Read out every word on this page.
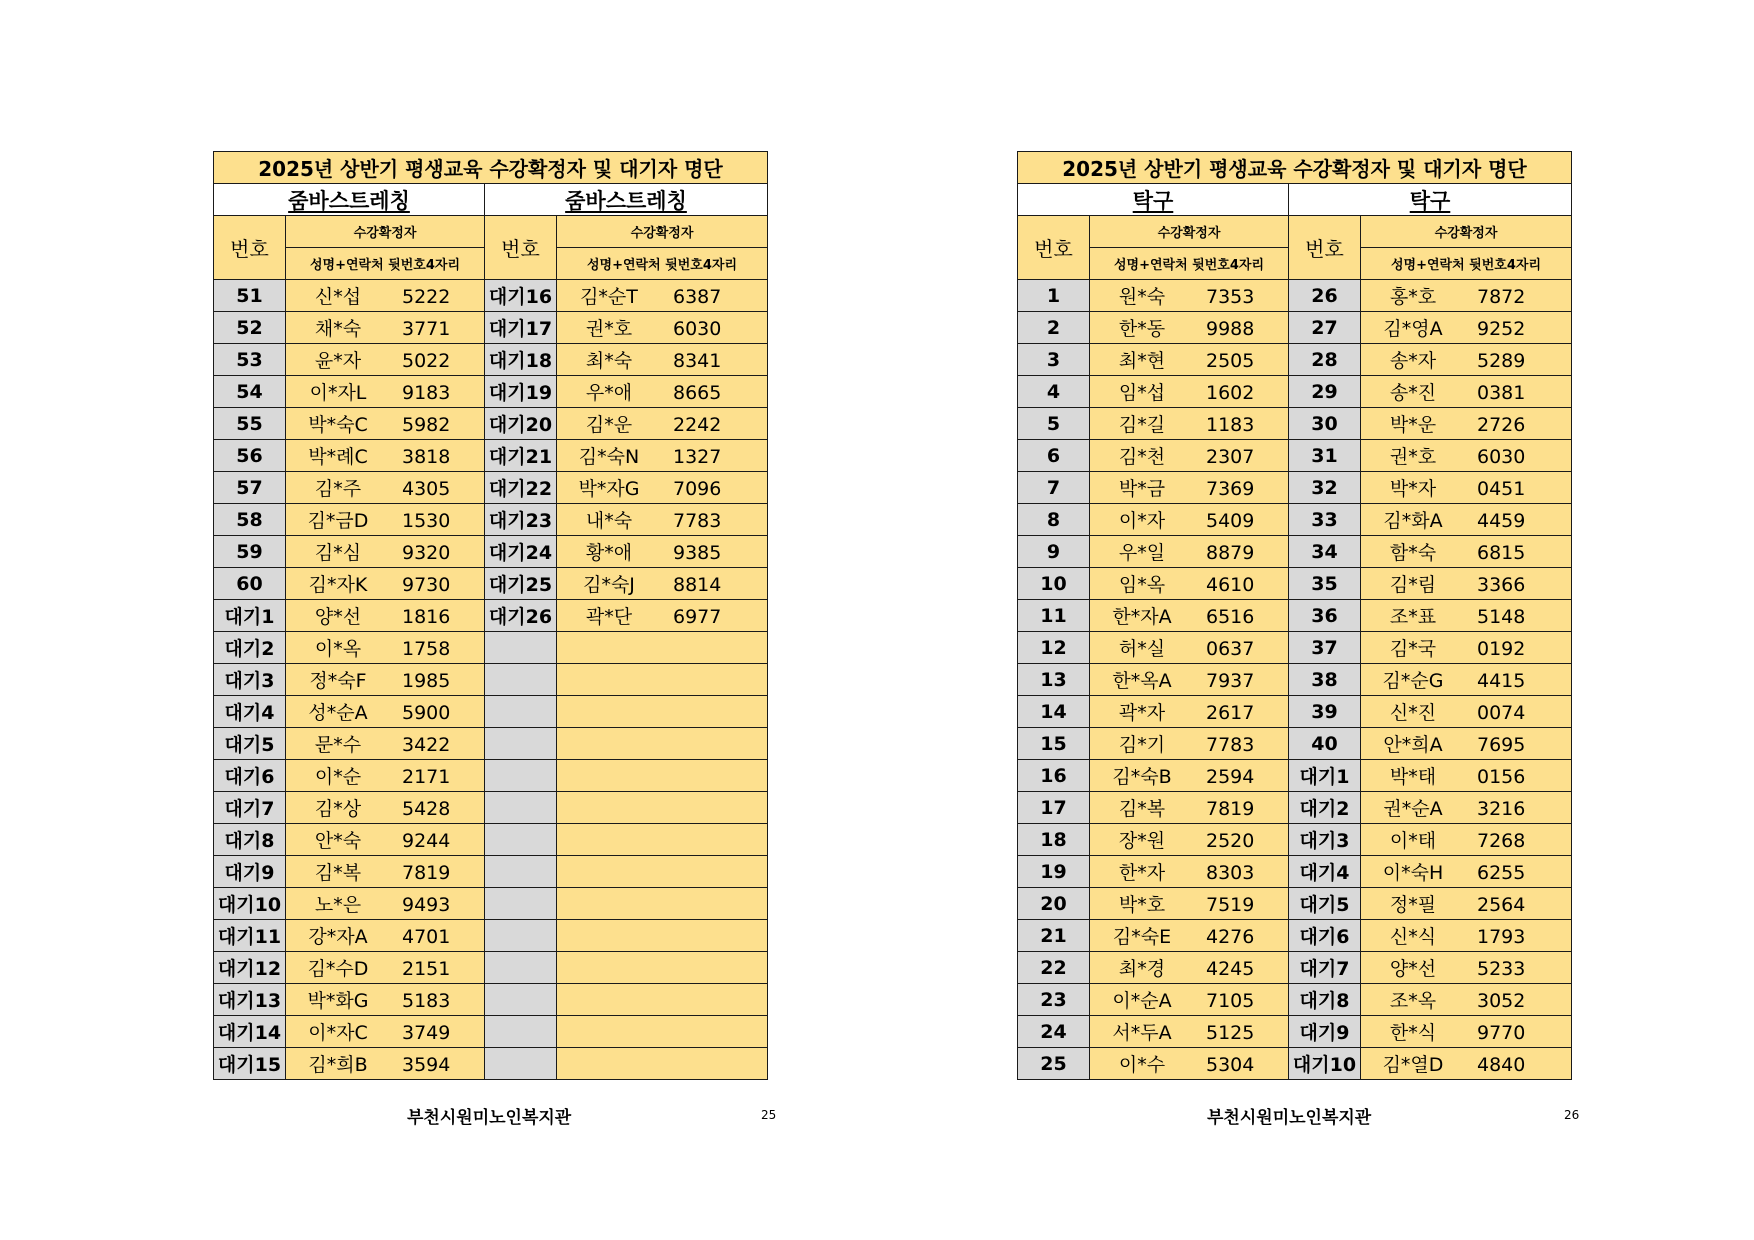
2025년 상반기 평생교육 수강확정자 및 대기자 명단			
줌바스트레칭		줌바스트레칭	
번호	수강확정자	번호	수강확정자
	성명+연락처 뒷번호4자리		성명+연락처 뒷번호4자리
51	신*섭 5222	대기16	김*순T 6387
52	채*숙 3771	대기17	권*호 6030
53	윤*자 5022	대기18	최*숙 8341
54	이*자L 9183	대기19	우*애 8665
55	박*숙C 5982	대기20	김*운 2242
56	박*례C 3818	대기21	김*숙N 1327
57	김*주 4305	대기22	박*자G 7096
58	김*금D 1530	대기23	내*숙 7783
59	김*심 9320	대기24	황*애 9385
60	김*자K 9730	대기25	김*숙J 8814
대기1	양*선 1816	대기26	곽*단 6977
대기2	이*옥 1758		
대기3	정*숙F 1985		
대기4	성*순A 5900		
대기5	문*수 3422		
대기6	이*순 2171		
대기7	김*상 5428		
대기8	안*숙 9244		
대기9	김*복 7819		
대기10	노*은 9493		
대기11	강*자A 4701		
대기12	김*수D 2151		
대기13	박*화G 5183		
대기14	이*자C 3749		
대기15	김*희B 3594		
부천시원미노인복지관	25
2025년 상반기 평생교육 수강확정자 및 대기자 명단			
탁구		탁구	
번호	수강확정자	번호	수강확정자
	성명+연락처 뒷번호4자리		성명+연락처 뒷번호4자리
1	원*숙 7353	26	홍*호 7872
2	한*동 9988	27	김*영A 9252
3	최*현 2505	28	송*자 5289
4	임*섭 1602	29	송*진 0381
5	김*길 1183	30	박*운 2726
6	김*천 2307	31	권*호 6030
7	박*금 7369	32	박*자 0451
8	이*자 5409	33	김*화A 4459
9	우*일 8879	34	함*숙 6815
10	임*옥 4610	35	김*림 3366
11	한*자A 6516	36	조*표 5148
12	허*실 0637	37	김*국 0192
13	한*옥A 7937	38	김*순G 4415
14	곽*자 2617	39	신*진 0074
15	김*기 7783	40	안*희A 7695
16	김*숙B 2594	대기1	박*태 0156
17	김*복 7819	대기2	권*순A 3216
18	장*원 2520	대기3	이*태 7268
19	한*자 8303	대기4	이*숙H 6255
20	박*호 7519	대기5	정*필 2564
21	김*숙E 4276	대기6	신*식 1793
22	최*경 4245	대기7	양*선 5233
23	이*순A 7105	대기8	조*옥 3052
24	서*두A 5125	대기9	한*식 9770
25	이*수 5304	대기10	김*열D 4840
부천시원미노인복지관	26
